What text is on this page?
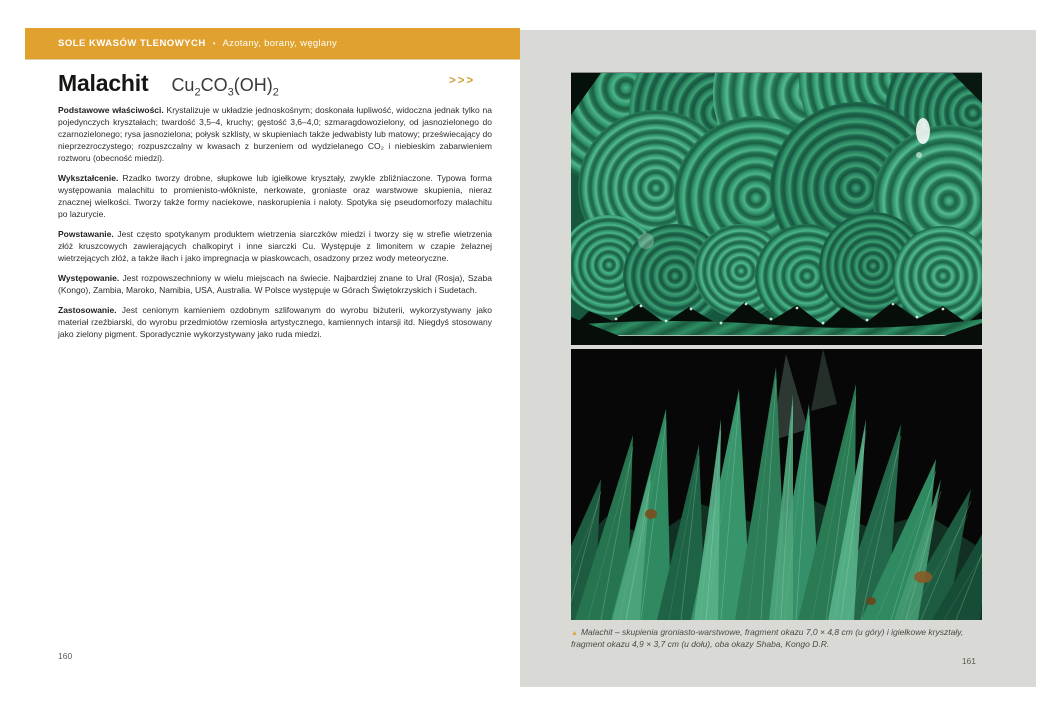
SOLE KWASÓW TLENOWYCH • Azotany, borany, węglany
Malachit $Cu_2CO_3(OH)_2$
>>>

Podstawowe właściwości. Krystalizuje w układzie jednoskośnym; doskonała łupliwość, widoczna jednak tylko na pojedynczych kryształach; twardość 3,5–4, kruchy; gęstość 3,6–4,0; szmaragdowozielony, od jasnozielonego do czarnozielonego; rysa jasnozielona; połysk szklisty, w skupieniach także jedwabisty lub matowy; przeświecający do nieprzezroczystego; rozpuszczalny w kwasach z burzeniem od wydzielanego CO₂ i niebieskim zabarwieniem roztworu (obecność miedzi).

Wykształcenie. Rzadko tworzy drobne, słupkowe lub igiełkowe kryształy, zwykle zbliźniaczone. Typowa forma występowania malachitu to promienisto-włókniste, nerkowate, groniaste oraz warstwowe skupienia, nieraz znacznej wielkości. Tworzy także formy naciekowe, naskorupienia i naloty. Spotyka się pseudomorfozy malachitu po lazurycie.

Powstawanie. Jest często spotykanym produktem wietrzenia siarczków miedzi i tworzy się w strefie wietrzenia złóż kruszcowych zawierających chalkopiryt i inne siarczki Cu. Występuje z limonitem w czapie żelaznej wietrzejących złóż, a także iłach i jako impregnacja w piaskowcach, osadzony przez wody meteoryczne.

Występowanie. Jest rozpowszechniony w wielu miejscach na świecie. Najbardziej znane to Ural (Rosja), Szaba (Kongo), Zambia, Maroko, Namibia, USA, Australia. W Polsce występuje w Górach Świętokrzyskich i Sudetach.

Zastosowanie. Jest cenionym kamieniem ozdobnym szlifowanym do wyrobu biżuterii, wykorzystywany jako materiał rzeźbiarski, do wyrobu przedmiotów rzemiosła artystycznego, kamiennych intarsji itd. Niegdyś stosowany jako zielony pigment. Sporadycznie wykorzystywany jako ruda miedzi.

160
▲ Malachit – skupienia groniasto-warstwowe, fragment okazu 7,0 × 4,8 cm (u góry) i igiełkowe kryształy, fragment okazu 4,9 × 3,7 cm (u dołu), oba okazy Shaba, Kongo D.R.
161
